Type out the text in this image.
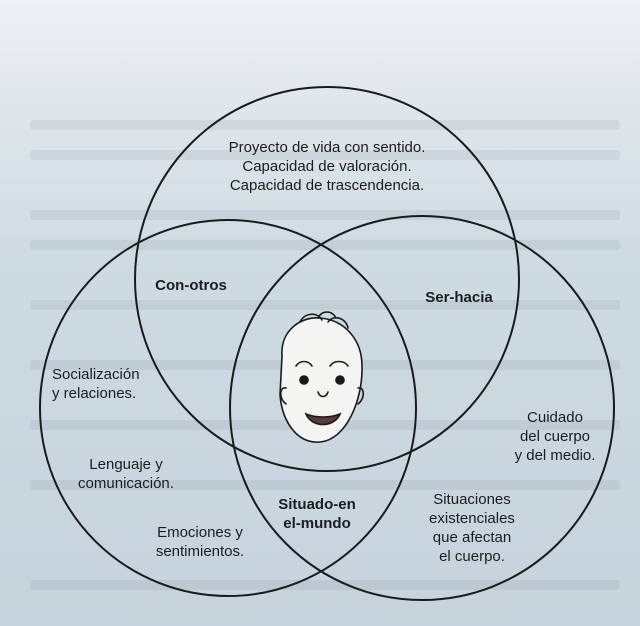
Proyecto de vida con sentido.
Capacidad de valoración.
Capacidad de trascendencia.
Con-otros
Ser-hacia
Situado-en
el-mundo
Socialización
y relaciones.
Lenguaje y
comunicación.
Emociones y
sentimientos.
Cuidado
del cuerpo
y del medio.
Situaciones
existenciales
que afectan
el cuerpo.
